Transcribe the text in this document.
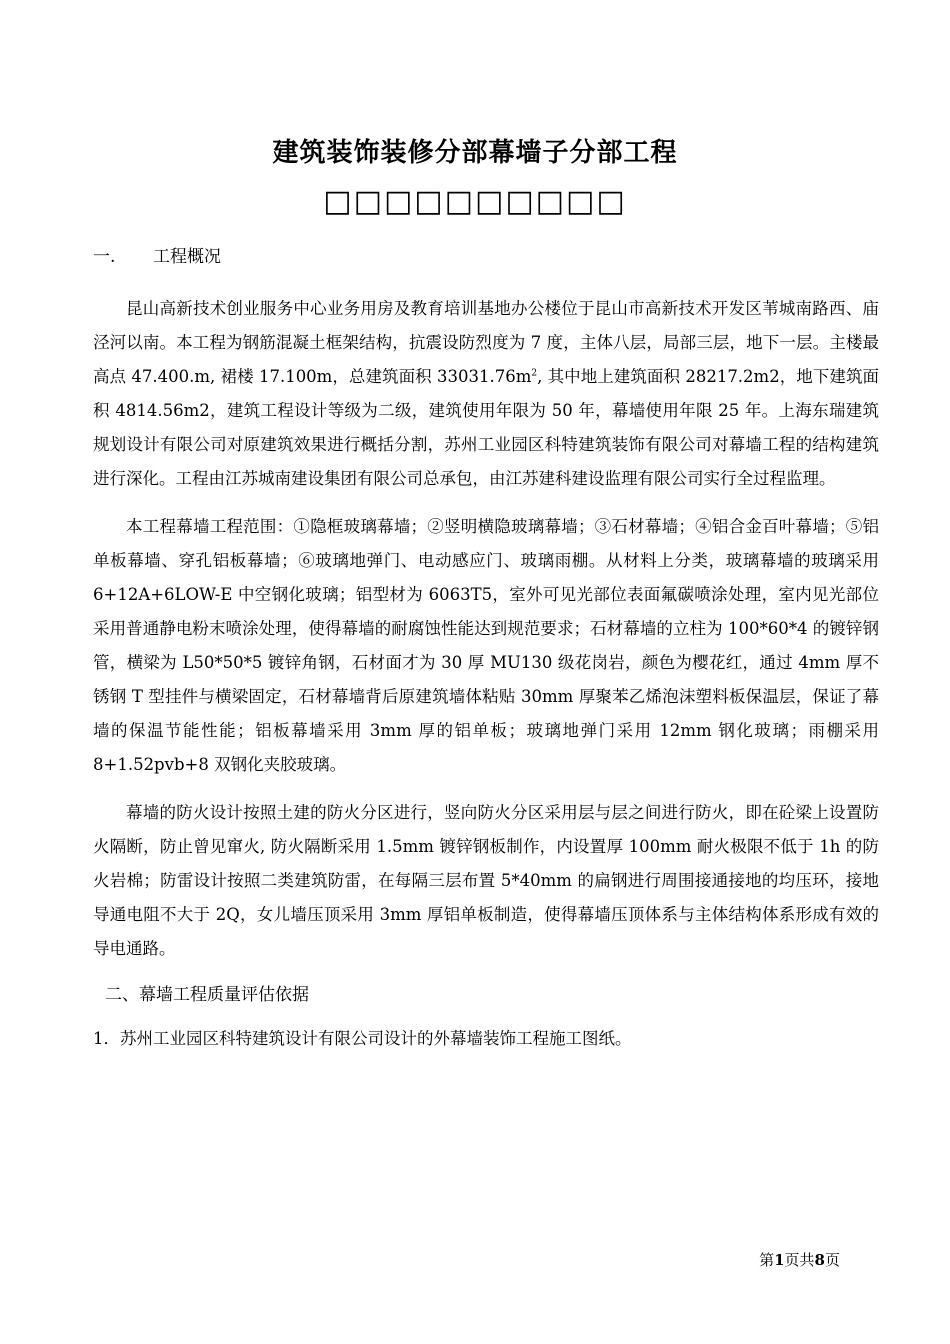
建筑装饰装修分部幕墙子分部工程
□□□□□□□□□□

一. 工程概况

昆山高新技术创业服务中心业务用房及教育培训基地办公楼位于昆山市高新技术开发区苇城南路西、庙泾河以南。本工程为钢筋混凝土框架结构，抗震设防烈度为 7 度，主体八层，局部三层，地下一层。主楼最高点 47.400.m, 裙楼 17.100m，总建筑面积 $33031.76m^2$, 其中地上建筑面积 28217.2m2，地下建筑面积 4814.56m2，建筑工程设计等级为二级，建筑使用年限为 50 年，幕墙使用年限 25 年。上海东瑞建筑规划设计有限公司对原建筑效果进行概括分割，苏州工业园区科特建筑装饰有限公司对幕墙工程的结构建筑进行深化。工程由江苏城南建设集团有限公司总承包，由江苏建科建设监理有限公司实行全过程监理。

本工程幕墙工程范围：①隐框玻璃幕墙；②竖明横隐玻璃幕墙；③石材幕墙；④铝合金百叶幕墙；⑤铝单板幕墙、穿孔铝板幕墙；⑥玻璃地弹门、电动感应门、玻璃雨棚。从材料上分类，玻璃幕墙的玻璃采用 6+12A+6LOW-E 中空钢化玻璃；铝型材为 6063T5，室外可见光部位表面氟碳喷涂处理，室内见光部位采用普通静电粉末喷涂处理，使得幕墙的耐腐蚀性能达到规范要求；石材幕墙的立柱为 100*60*4 的镀锌钢管，横梁为 L50*50*5 镀锌角钢，石材面才为 30 厚 MU130 级花岗岩，颜色为樱花红，通过 4mm 厚不锈钢 T 型挂件与横梁固定，石材幕墙背后原建筑墙体粘贴 30mm 厚聚苯乙烯泡沫塑料板保温层，保证了幕墙的保温节能性能；铝板幕墙采用 3mm 厚的铝单板；玻璃地弹门采用 12mm 钢化玻璃；雨棚采用 8+1.52pvb+8 双钢化夹胶玻璃。

幕墙的防火设计按照土建的防火分区进行，竖向防火分区采用层与层之间进行防火，即在砼梁上设置防火隔断，防止曾见窜火, 防火隔断采用 1.5mm 镀锌钢板制作，内设置厚 100mm 耐火极限不低于 1h 的防火岩棉；防雷设计按照二类建筑防雷，在每隔三层布置 5*40mm 的扁钢进行周围接通接地的均压环，接地导通电阻不大于 2Q，女儿墙压顶采用 3mm 厚铝单板制造，使得幕墙压顶体系与主体结构体系形成有效的导电通路。

二、幕墙工程质量评估依据

1．苏州工业园区科特建筑设计有限公司设计的外幕墙装饰工程施工图纸。

第1页共8页
